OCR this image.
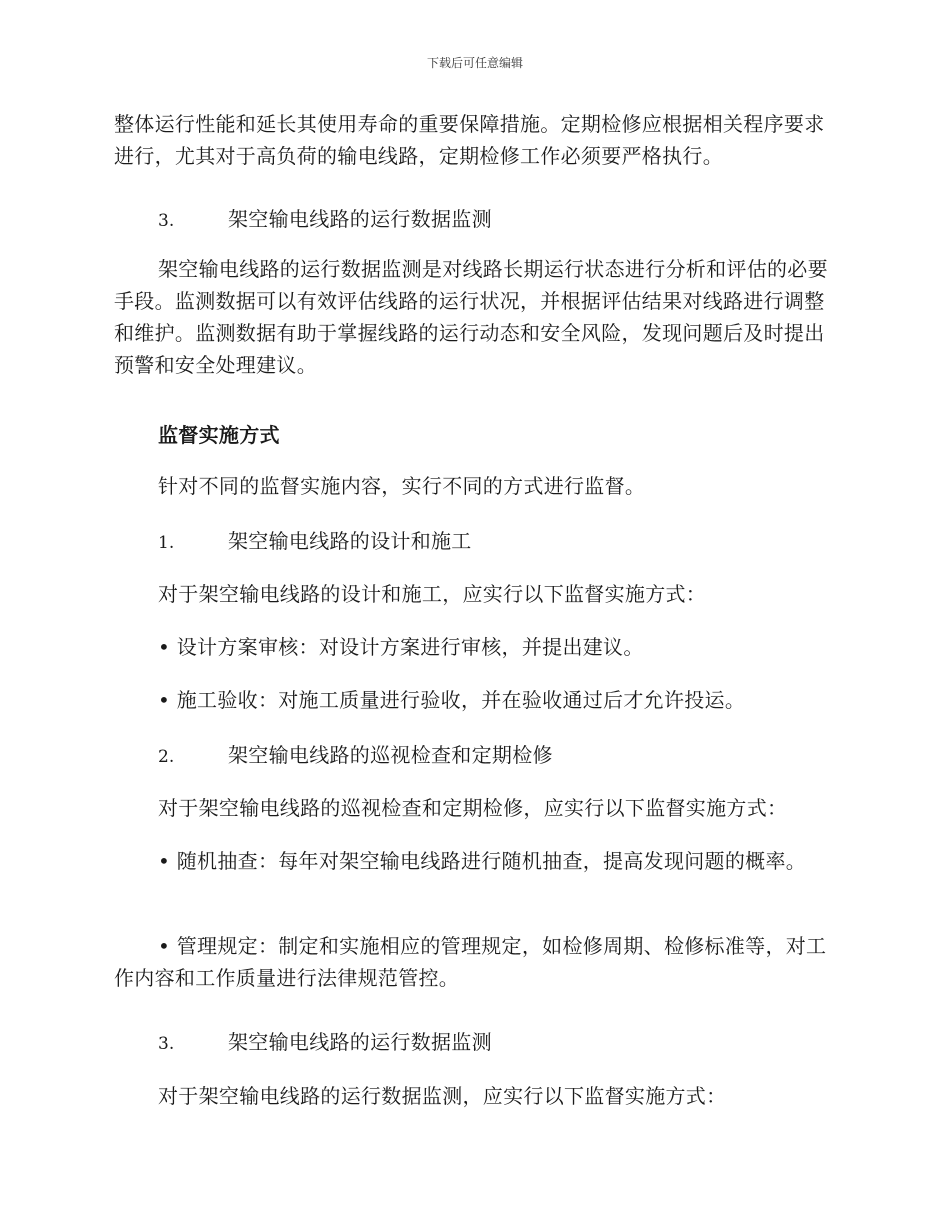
下载后可任意编辑

整体运行性能和延长其使用寿命的重要保障措施。定期检修应根据相关程序要求进行，尤其对于高负荷的输电线路，定期检修工作必须要严格执行。

3.	架空输电线路的运行数据监测

架空输电线路的运行数据监测是对线路长期运行状态进行分析和评估的必要手段。监测数据可以有效评估线路的运行状况，并根据评估结果对线路进行调整和维护。监测数据有助于掌握线路的运行动态和安全风险，发现问题后及时提出预警和安全处理建议。

监督实施方式

针对不同的监督实施内容，实行不同的方式进行监督。

1.	架空输电线路的设计和施工

对于架空输电线路的设计和施工，应实行以下监督实施方式：

• 设计方案审核：对设计方案进行审核，并提出建议。

• 施工验收：对施工质量进行验收，并在验收通过后才允许投运。

2.	架空输电线路的巡视检查和定期检修

对于架空输电线路的巡视检查和定期检修，应实行以下监督实施方式：

• 随机抽查：每年对架空输电线路进行随机抽查，提高发现问题的概率。

• 管理规定：制定和实施相应的管理规定，如检修周期、检修标准等，对工作内容和工作质量进行法律规范管控。

3.	架空输电线路的运行数据监测

对于架空输电线路的运行数据监测，应实行以下监督实施方式：
